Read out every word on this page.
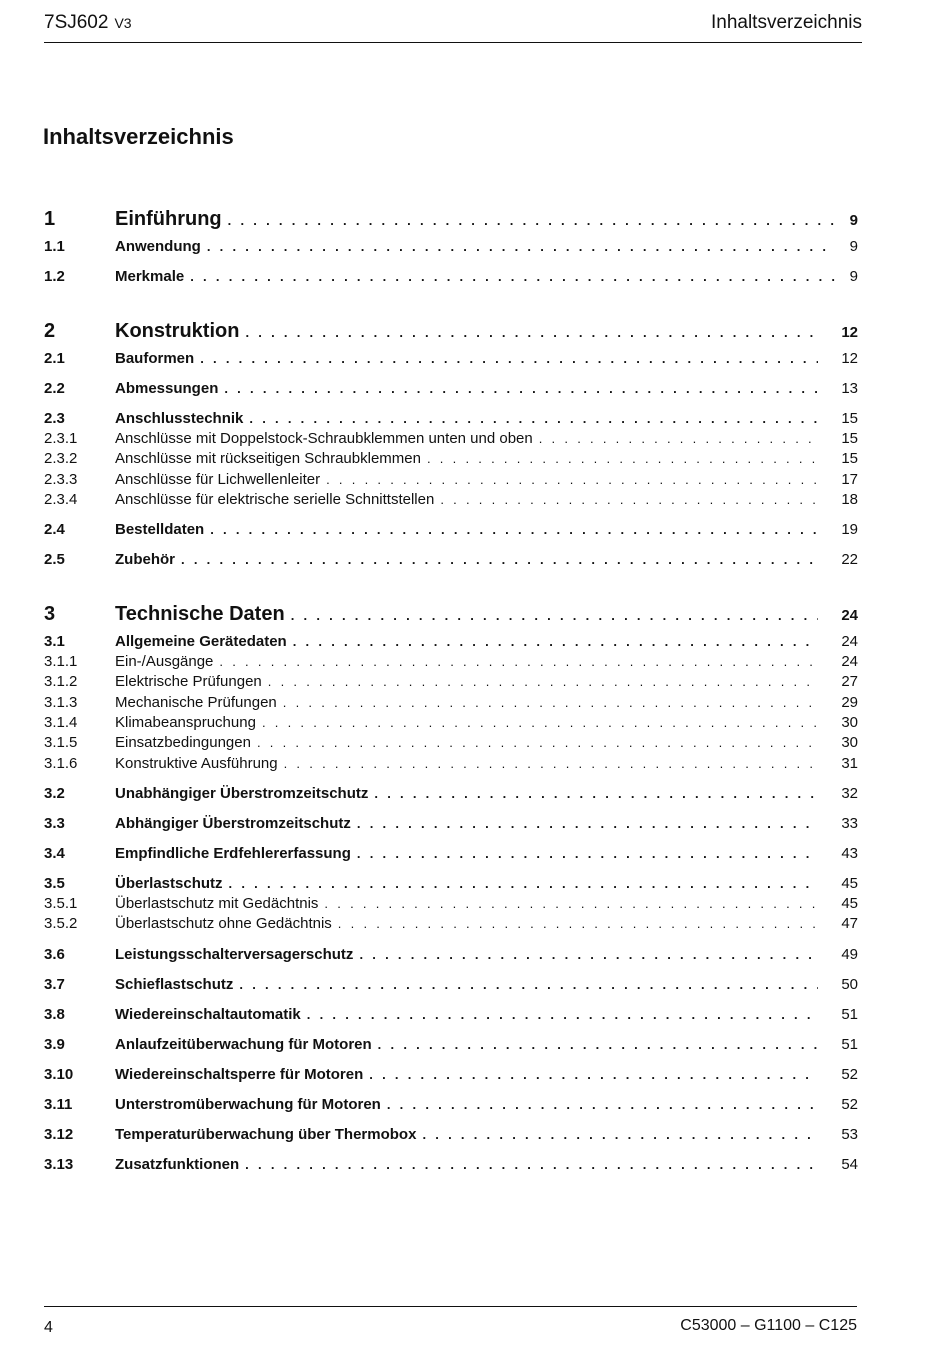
7SJ602 V3	Inhaltsverzeichnis
Inhaltsverzeichnis
1	Einführung . . .	9
1.1	Anwendung . . .	9
1.2	Merkmale . . .	9
2	Konstruktion . . .	12
2.1	Bauformen . . .	12
2.2	Abmessungen . . .	13
2.3	Anschlusstechnik . . .	15
2.3.1	Anschlüsse mit Doppelstock-Schraubklemmen unten und oben . . .	15
2.3.2	Anschlüsse mit rückseitigen Schraubklemmen . . .	15
2.3.3	Anschlüsse für Lichwellenleiter . . .	17
2.3.4	Anschlüsse für elektrische serielle Schnittstellen . . .	18
2.4	Bestelldaten . . .	19
2.5	Zubehör . . .	22
3	Technische Daten . . .	24
3.1	Allgemeine Gerätedaten . . .	24
3.1.1	Ein-/Ausgänge . . .	24
3.1.2	Elektrische Prüfungen . . .	27
3.1.3	Mechanische Prüfungen . . .	29
3.1.4	Klimabeanspruchung . . .	30
3.1.5	Einsatzbedingungen . . .	30
3.1.6	Konstruktive Ausführung . . .	31
3.2	Unabhängiger Überstromzeitschutz . . .	32
3.3	Abhängiger Überstromzeitschutz . . .	33
3.4	Empfindliche Erdfehlererfassung . . .	43
3.5	Überlastschutz . . .	45
3.5.1	Überlastschutz mit Gedächtnis . . .	45
3.5.2	Überlastschutz ohne Gedächtnis . . .	47
3.6	Leistungsschalterversagerschutz . . .	49
3.7	Schieflastschutz . . .	50
3.8	Wiedereinschaltautomatik . . .	51
3.9	Anlaufzeitüberwachung für Motoren . . .	51
3.10	Wiedereinschaltsperre für Motoren . . .	52
3.11	Unterstromüberwachung für Motoren . . .	52
3.12	Temperaturüberwachung über Thermobox . . .	53
3.13	Zusatzfunktionen . . .	54
4	C53000 – G1100 – C125
